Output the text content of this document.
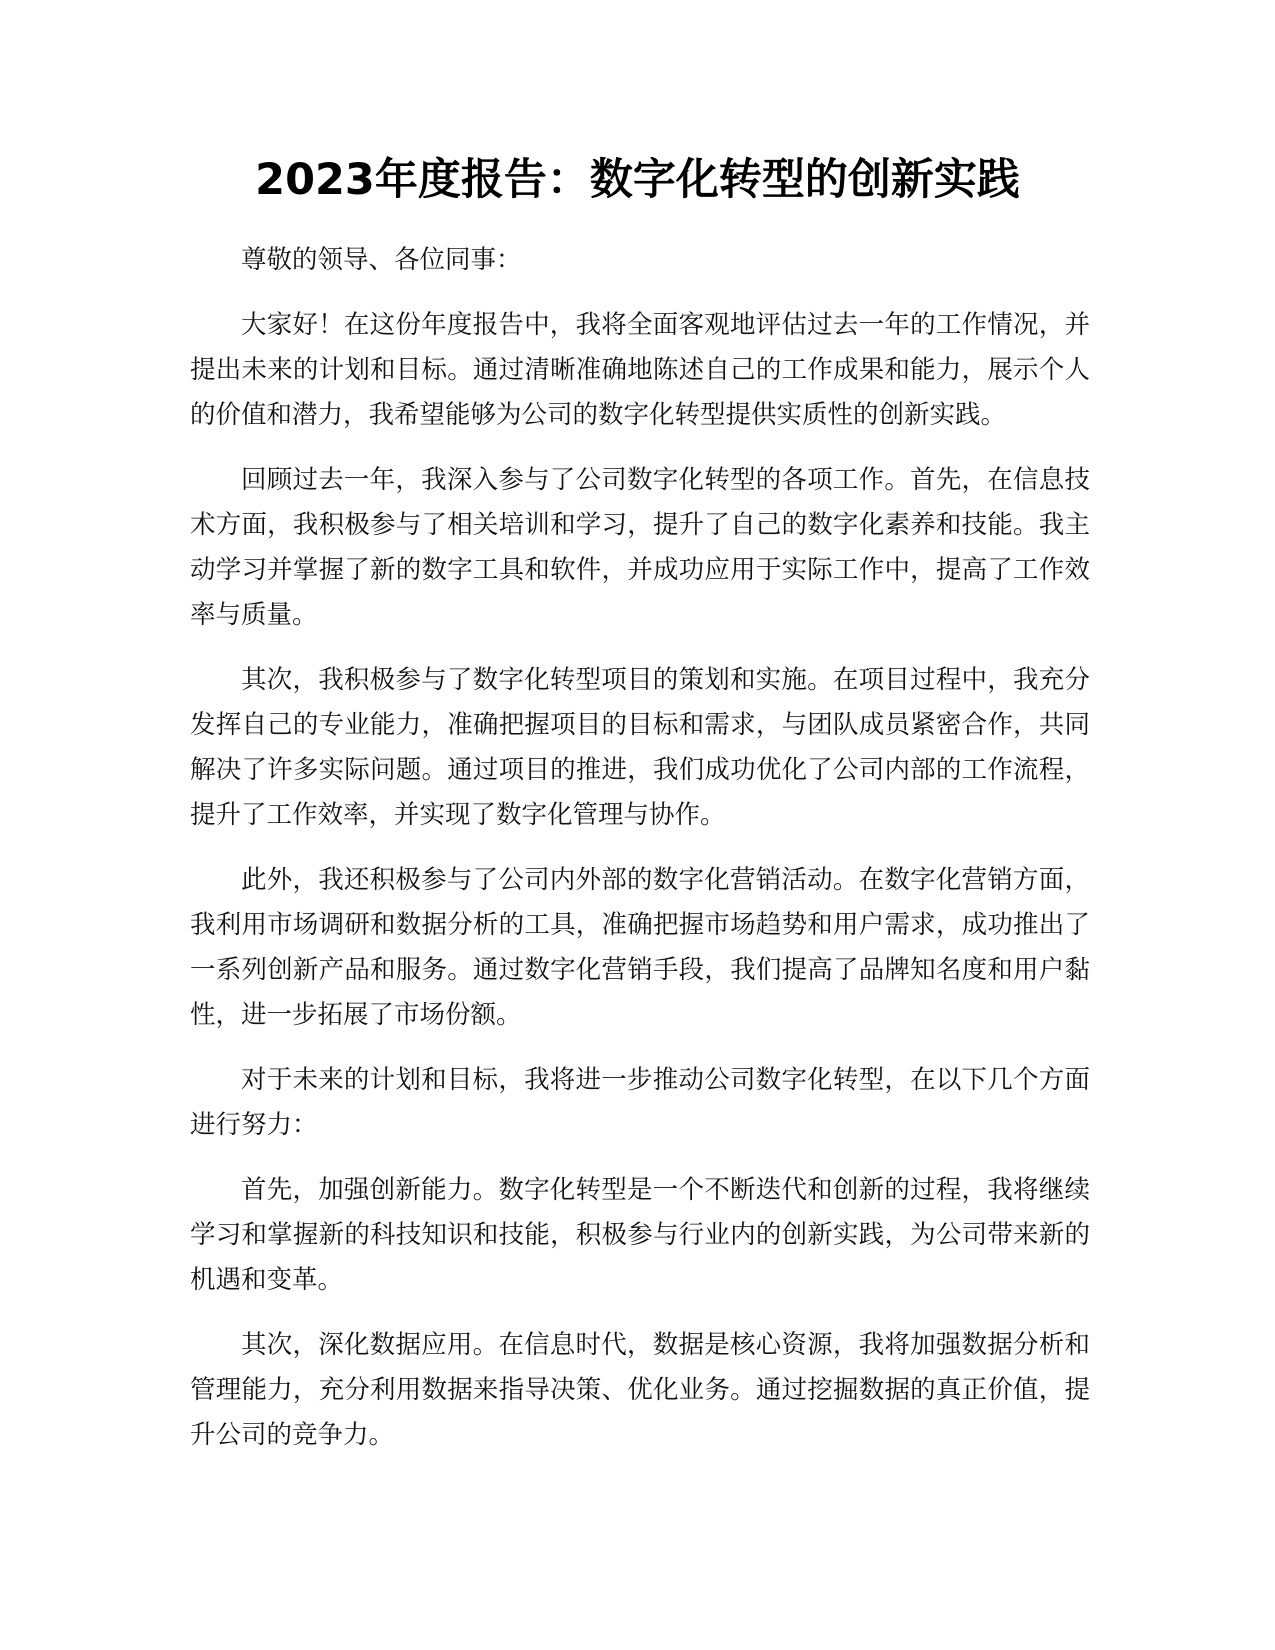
2023年度报告：数字化转型的创新实践

尊敬的领导、各位同事：

大家好！在这份年度报告中，我将全面客观地评估过去一年的工作情况，并提出未来的计划和目标。通过清晰准确地陈述自己的工作成果和能力，展示个人的价值和潜力，我希望能够为公司的数字化转型提供实质性的创新实践。

回顾过去一年，我深入参与了公司数字化转型的各项工作。首先，在信息技术方面，我积极参与了相关培训和学习，提升了自己的数字化素养和技能。我主动学习并掌握了新的数字工具和软件，并成功应用于实际工作中，提高了工作效率与质量。

其次，我积极参与了数字化转型项目的策划和实施。在项目过程中，我充分发挥自己的专业能力，准确把握项目的目标和需求，与团队成员紧密合作，共同解决了许多实际问题。通过项目的推进，我们成功优化了公司内部的工作流程，提升了工作效率，并实现了数字化管理与协作。

此外，我还积极参与了公司内外部的数字化营销活动。在数字化营销方面，我利用市场调研和数据分析的工具，准确把握市场趋势和用户需求，成功推出了一系列创新产品和服务。通过数字化营销手段，我们提高了品牌知名度和用户黏性，进一步拓展了市场份额。

对于未来的计划和目标，我将进一步推动公司数字化转型，在以下几个方面进行努力：

首先，加强创新能力。数字化转型是一个不断迭代和创新的过程，我将继续学习和掌握新的科技知识和技能，积极参与行业内的创新实践，为公司带来新的机遇和变革。

其次，深化数据应用。在信息时代，数据是核心资源，我将加强数据分析和管理能力，充分利用数据来指导决策、优化业务。通过挖掘数据的真正价值，提升公司的竞争力。
